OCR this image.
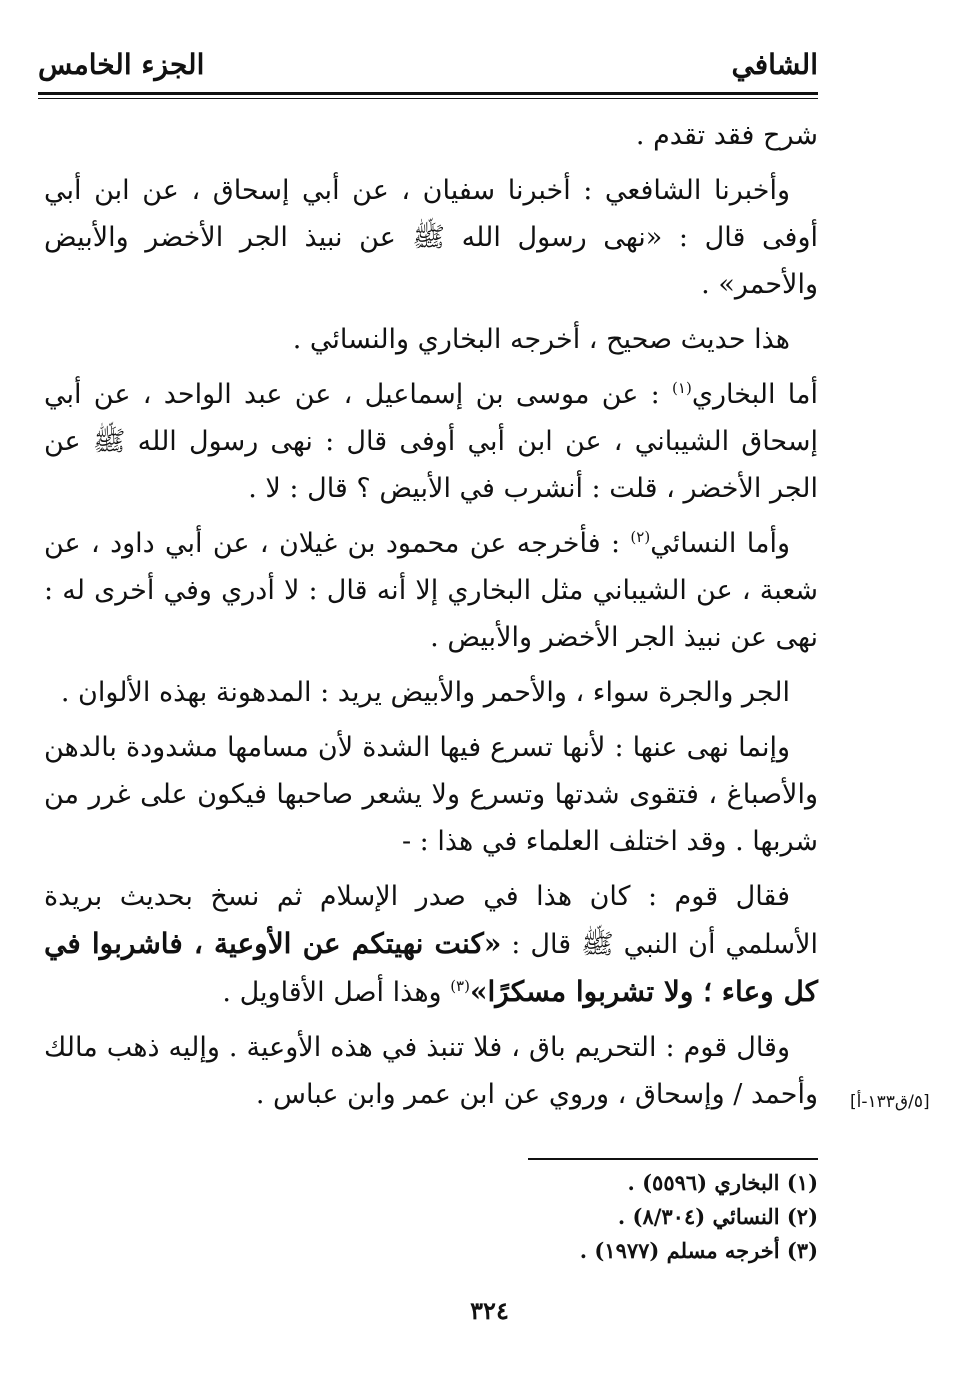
الشافي
الجزء الخامس

شرح فقد تقدم .

وأخبرنا الشافعي : أخبرنا سفيان ، عن أبي إسحاق ، عن ابن أبي أوفى قال : «نهى رسول الله ﷺ عن نبيذ الجر الأخضر والأبيض والأحمر» .

هذا حديث صحيح ، أخرجه البخاري والنسائي .

أما البخاري$^{(١)}$ : عن موسى بن إسماعيل ، عن عبد الواحد ، عن أبي إسحاق الشيباني ، عن ابن أبي أوفى قال : نهى رسول الله ﷺ عن الجر الأخضر ، قلت : أنشرب في الأبيض ؟ قال : لا .

وأما النسائي$^{(٢)}$ : فأخرجه عن محمود بن غيلان ، عن أبي داود ، عن شعبة ، عن الشيباني مثل البخاري إلا أنه قال : لا أدري وفي أخرى له : نهى عن نبيذ الجر الأخضر والأبيض .

الجر والجرة سواء ، والأحمر والأبيض يريد : المدهونة بهذه الألوان .

وإنما نهى عنها : لأنها تسرع فيها الشدة لأن مسامها مشدودة بالدهن والأصباغ ، فتقوى شدتها وتسرع ولا يشعر صاحبها فيكون على غرر من شربها . وقد اختلف العلماء في هذا : -

فقال قوم : كان هذا في صدر الإسلام ثم نسخ بحديث بريدة الأسلمي أن النبي ﷺ قال : «كنت نهيتكم عن الأوعية ، فاشربوا في كل وعاء ؛ ولا تشربوا مسكرًا»$^{(٣)}$ وهذا أصل الأقاويل .

وقال قوم : التحريم باق ، فلا تنبذ في هذه الأوعية . وإليه ذهب مالك وأحمد / وإسحاق ، وروي عن ابن عمر وابن عباس . [٥/ق١٣٣-أ]
(١) البخاري (٥٥٩٦) .
(٢) النسائي (٨/٣٠٤) .
(٣) أخرجه مسلم (١٩٧٧) .
٣٢٤
